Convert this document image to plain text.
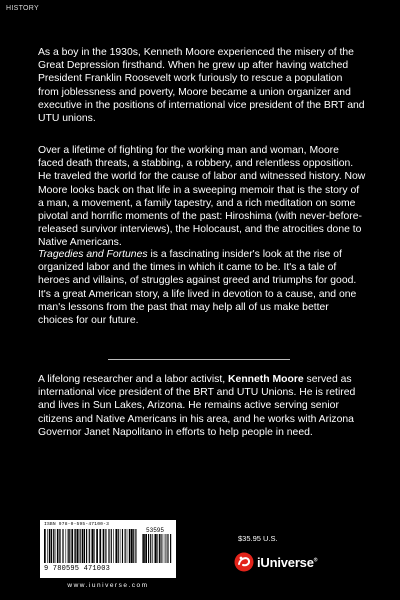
HISTORY

As a boy in the 1930s, Kenneth Moore experienced the misery of the Great Depression firsthand. When he grew up after having watched President Franklin Roosevelt work furiously to rescue a population from joblessness and poverty, Moore became a union organizer and executive in the positions of international vice president of the BRT and UTU unions.

Over a lifetime of fighting for the working man and woman, Moore faced death threats, a stabbing, a robbery, and relentless opposition. He traveled the world for the cause of labor and witnessed history. Now Moore looks back on that life in a sweeping memoir that is the story of a man, a movement, a family tapestry, and a rich meditation on some pivotal and horrific moments of the past: Hiroshima (with never-before-released survivor interviews), the Holocaust, and the atrocities done to Native Americans.

Tragedies and Fortunes is a fascinating insider's look at the rise of organized labor and the times in which it came to be. It's a tale of heroes and villains, of struggles against greed and triumphs for good. It's a great American story, a life lived in devotion to a cause, and one man's lessons from the past that may help all of us make better choices for our future.

A lifelong researcher and a labor activist, Kenneth Moore served as international vice president of the BRT and UTU Unions. He is retired and lives in Sun Lakes, Arizona. He remains active serving senior citizens and Native Americans in his area, and he works with Arizona Governor Janet Napolitano in efforts to help people in need.

ISBN 978-0-595-47100-3
53595
9 780595 471003
www.iuniverse.com
$35.95 U.S.
iUniverse®
